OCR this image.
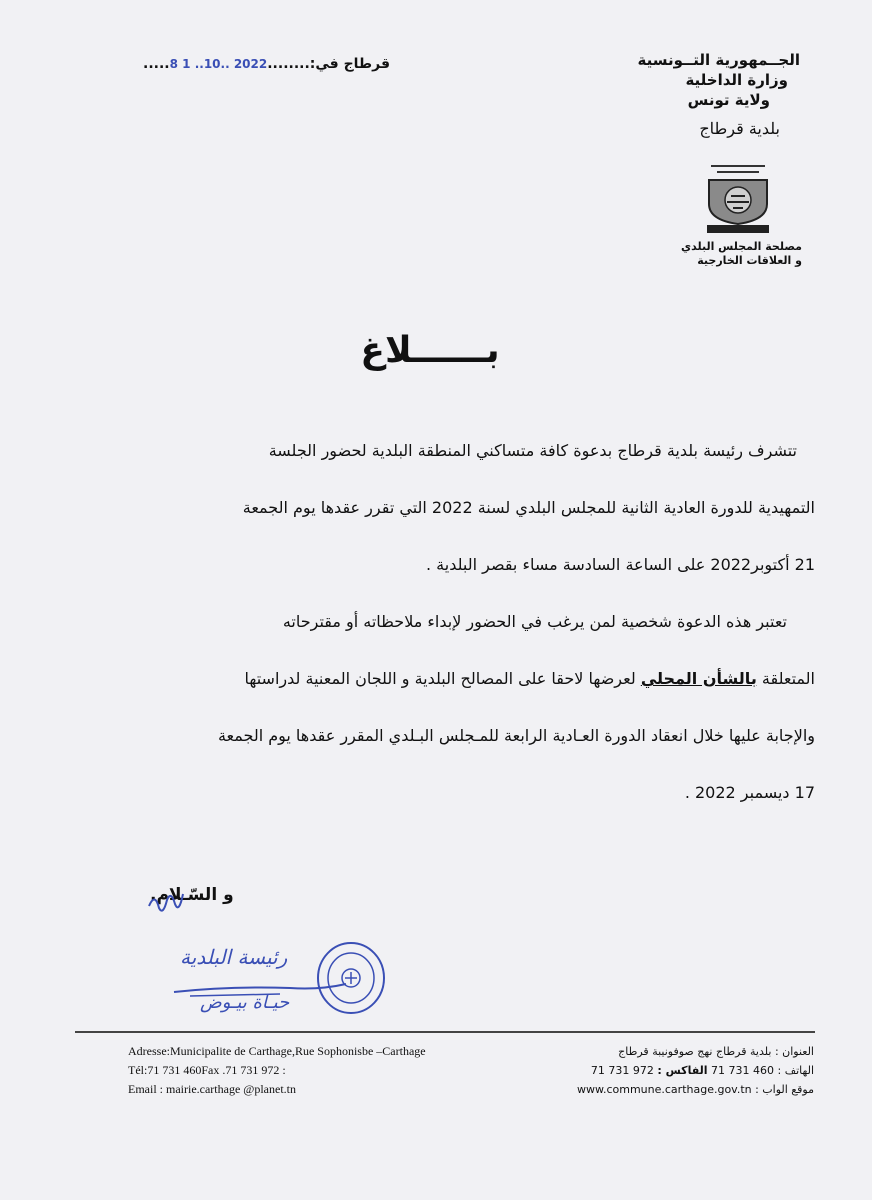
الجــمهورية التــونسية
وزارة الداخلية
ولاية تونس
بلدية قرطاج
مصلحة المجلس البلدي
و العلاقات الخارجية
قرطاج في:........2022 ..10.. 1 8.....
بــــــلاغ
تتشرف رئيسة بلدية قرطاج بدعوة كافة متساكني المنطقة البلدية لحضور الجلسة
التمهيدية للدورة العادية الثانية للمجلس البلدي لسنة 2022 التي تقرر عقدها يوم الجمعة
21 أكتوبر2022 على الساعة السادسة مساء بقصر البلدية .
تعتبر هذه الدعوة شخصية لمن يرغب في الحضور لإبداء ملاحظاته أو مقترحاته
المتعلقة بالشأن المحلي لعرضها لاحقا على المصالح البلدية و اللجان المعنية لدراستها
والإجابة عليها خلال انعقاد الدورة العـادية الرابعة للمـجلس البـلدي المقرر عقدها يوم الجمعة
17 ديسمبر 2022 .
و السّـلام.
رئيسة البلدية
حيـاة بيـوض
Adresse:Municipalite de Carthage,Rue Sophonisbe –Carthage
Tél:71 731 460Fax .71 731 972 :
Email : mairie.carthage @planet.tn
العنوان : بلدية قرطاج نهج صوفونيبة قرطاج
الهاتف : 71 731 460 الفاكس : 71 731 972
موقع الواب : www.commune.carthage.gov.tn
